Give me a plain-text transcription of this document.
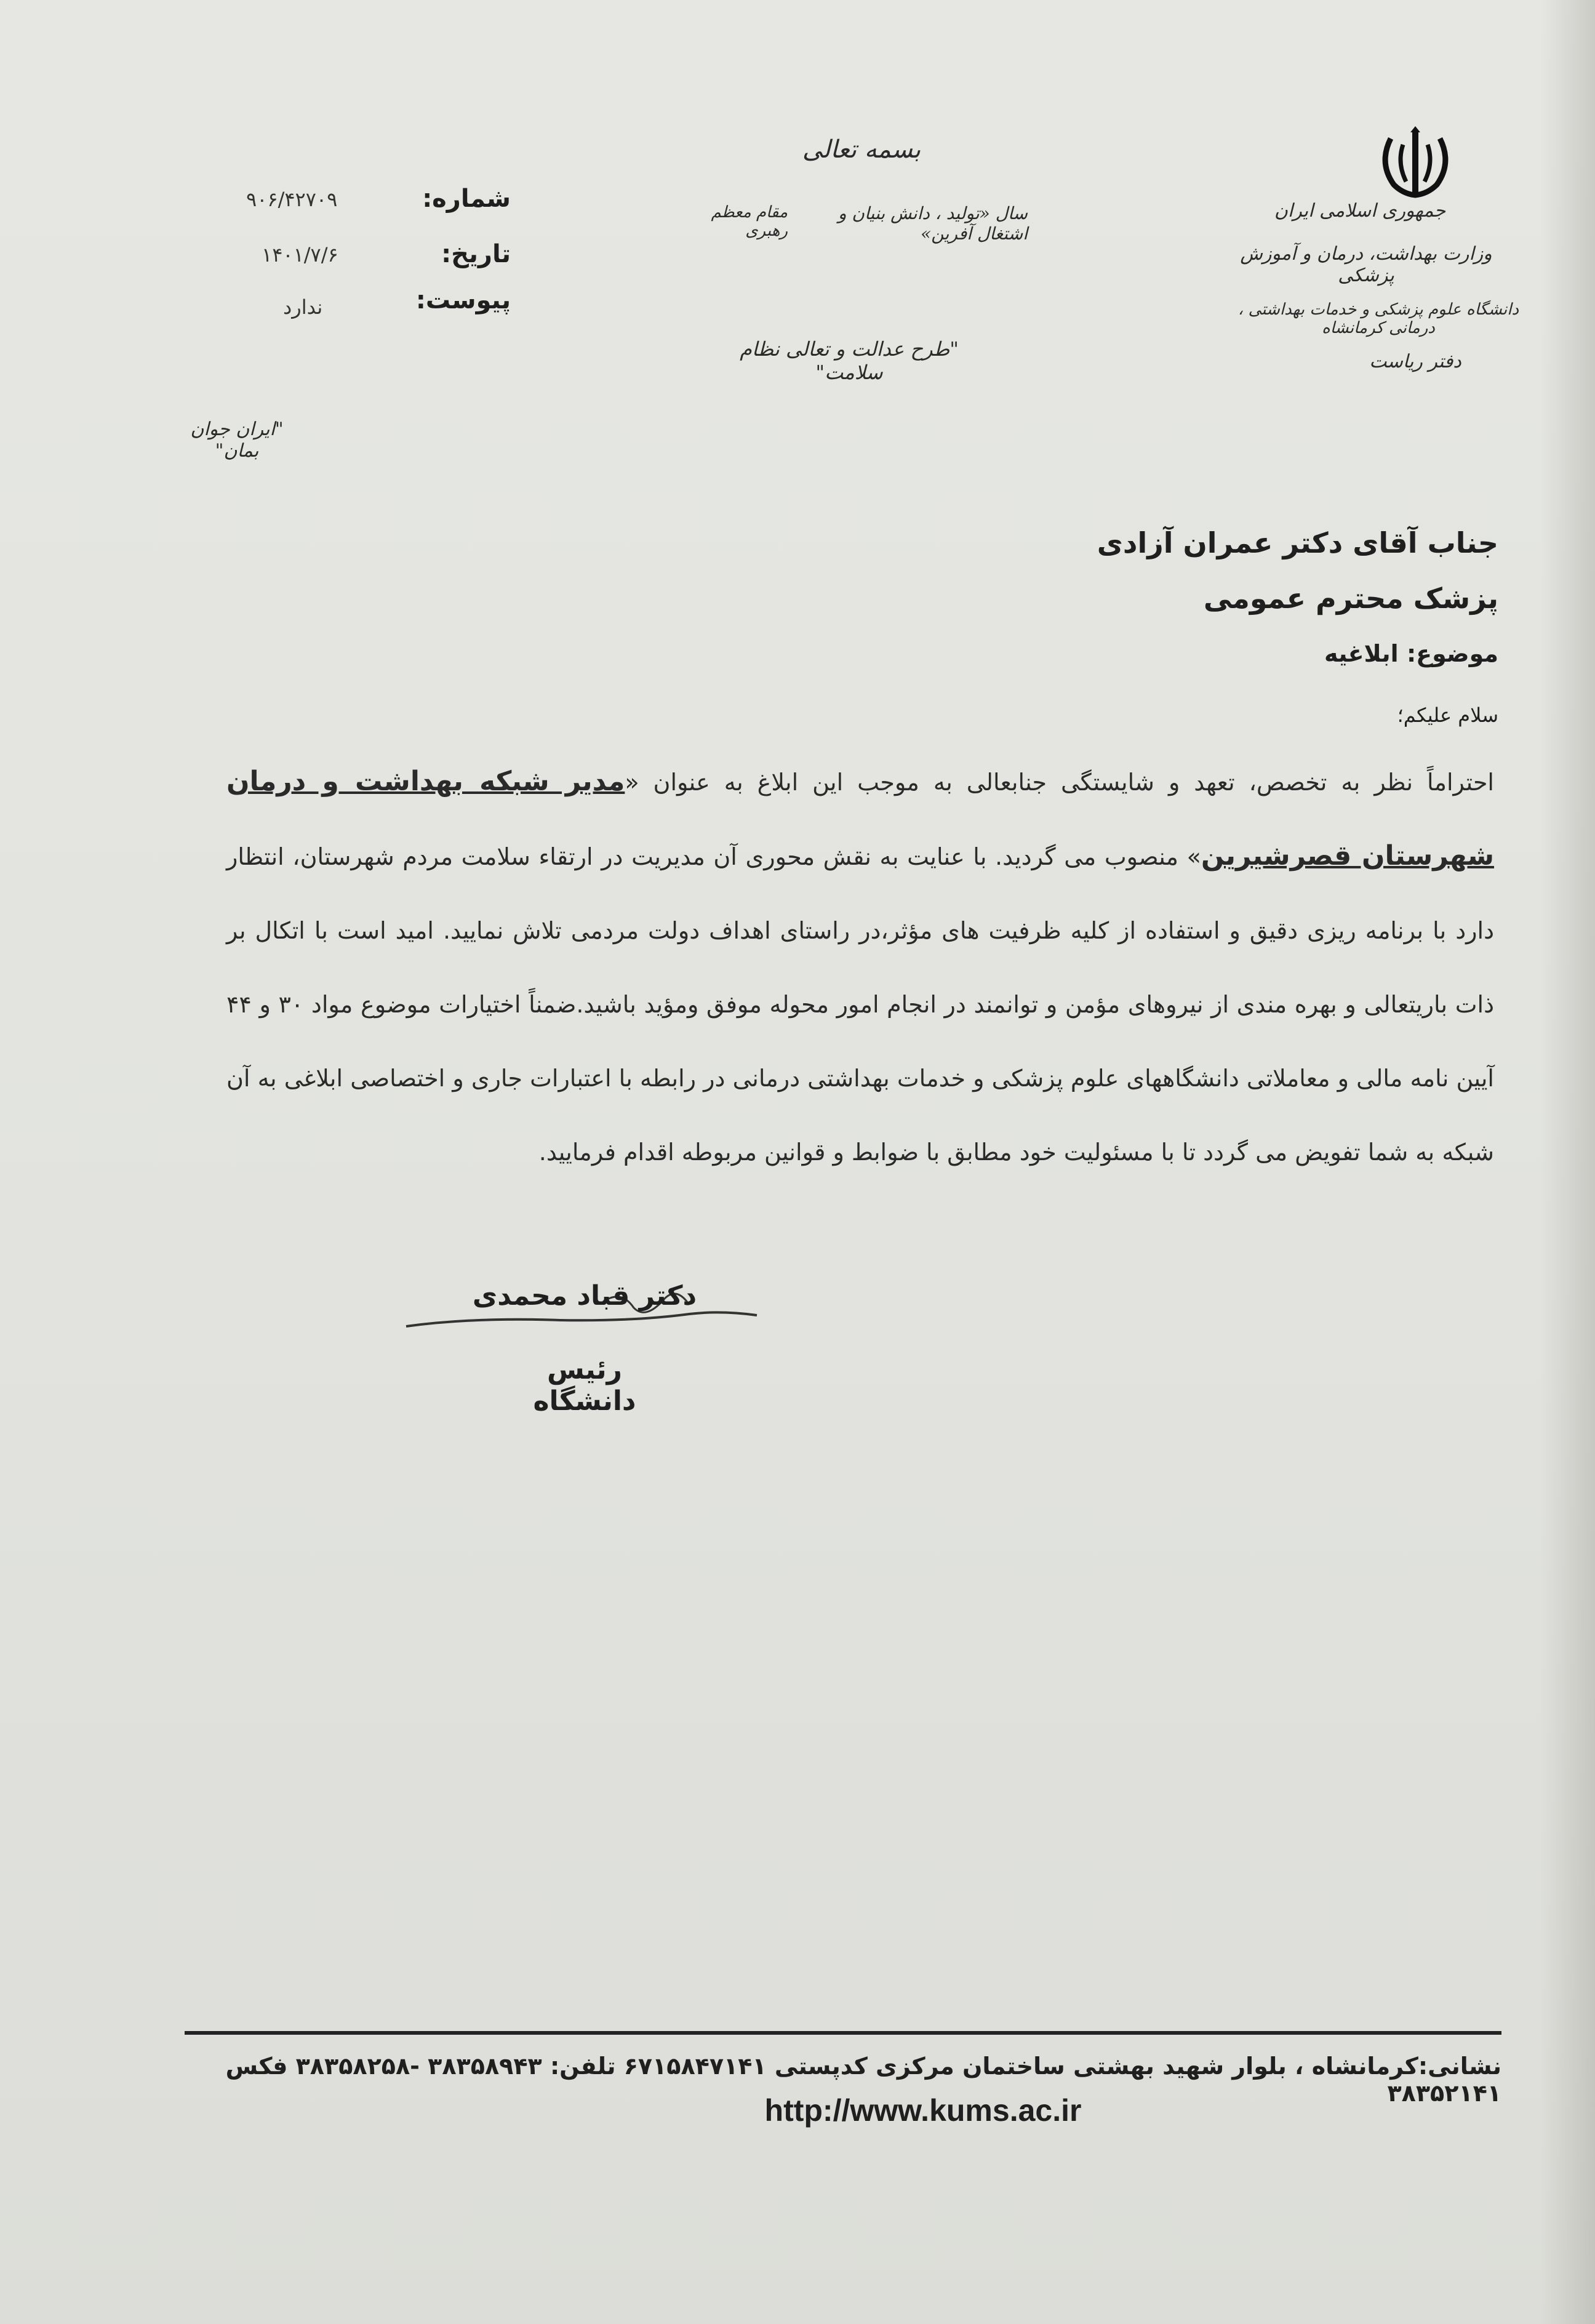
جمهوری اسلامی ایران
وزارت بهداشت، درمان و آموزش پزشکی
دانشگاه علوم پزشکی و خدمات بهداشتی ، درمانی کرمانشاه
دفتر ریاست
بسمه تعالی
سال «تولید ، دانش بنیان و اشتغال آفرین»
مقام معظم رهبری
"طرح عدالت و تعالی نظام سلامت"
"ایران جوان بمان"
شماره:
۹۰۶/۴۲۷۰۹
تاریخ:
۱۴۰۱/۷/۶
پیوست:
ندارد
جناب آقای دکتر عمران آزادی
پزشک محترم عمومی
موضوع: ابلاغیه
سلام علیکم؛
احتراماً نظر به تخصص، تعهد و شایستگی جنابعالی به موجب این ابلاغ به عنوان «مدیر شبکه بهداشت و درمان شهرستان قصرشیرین» منصوب می گردید. با عنایت به نقش محوری آن مدیریت در ارتقاء سلامت مردم شهرستان، انتظار دارد با برنامه ریزی دقیق و استفاده از کلیه ظرفیت های مؤثر،در راستای اهداف دولت مردمی تلاش نمایید. امید است با اتکال بر ذات باریتعالی و بهره مندی از نیروهای مؤمن و توانمند در انجام امور محوله موفق ومؤید باشید.ضمناً اختیارات موضوع مواد ۳۰ و ۴۴ آیین نامه مالی و معاملاتی دانشگاههای علوم پزشکی و خدمات بهداشتی درمانی در رابطه با اعتبارات جاری و اختصاصی ابلاغی به آن شبکه به شما تفویض می گردد تا با مسئولیت خود مطابق با ضوابط و قوانین مربوطه اقدام فرمایید.
دکتر قباد محمدی
رئیس دانشگاه
نشانی:کرمانشاه ، بلوار شهید بهشتی ساختمان مرکزی کدپستی ۶۷۱۵۸۴۷۱۴۱ تلفن: ۳۸۳۵۸۹۴۳ -۳۸۳۵۸۲۵۸ فکس ۳۸۳۵۲۱۴۱
http://www.kums.ac.ir
